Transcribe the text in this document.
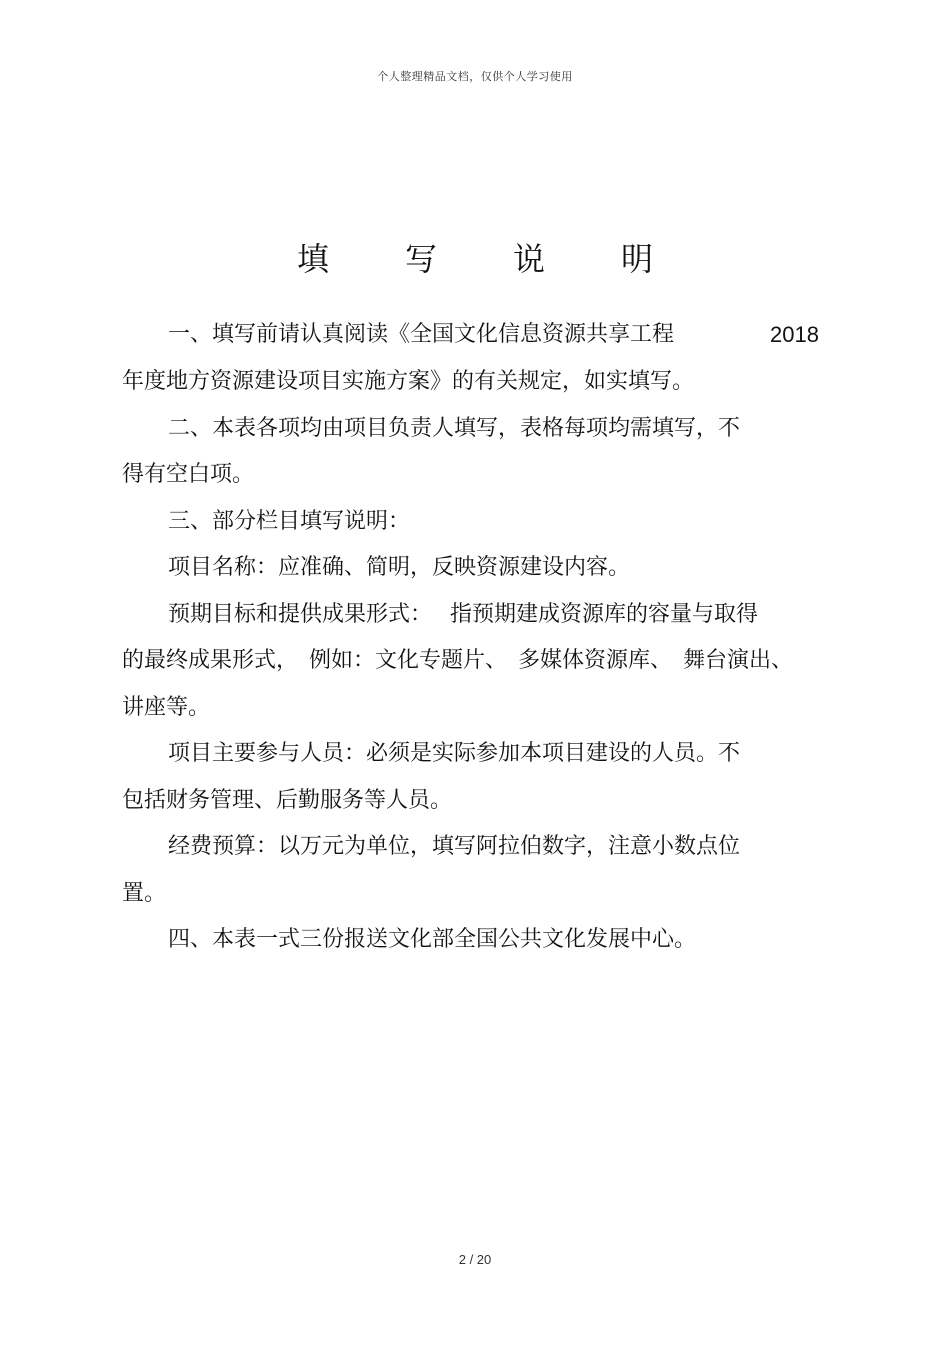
个人整理精品文档，仅供个人学习使用
填 写 说 明
一、填写前请认真阅读《全国文化信息资源共享工程	2018
年度地方资源建设项目实施方案》的有关规定，如实填写。
二、本表各项均由项目负责人填写，表格每项均需填写，不
得有空白项。
三、部分栏目填写说明：
项目名称：应准确、简明，反映资源建设内容。
预期目标和提供成果形式：　 指预期建成资源库的容量与取得
的最终成果形式，　例如：文化专题片、　多媒体资源库、　舞台演出、
讲座等。
项目主要参与人员：必须是实际参加本项目建设的人员。不
包括财务管理、后勤服务等人员。
经费预算：以万元为单位，填写阿拉伯数字，注意小数点位
置。
四、本表一式三份报送文化部全国公共文化发展中心。
2 / 20
